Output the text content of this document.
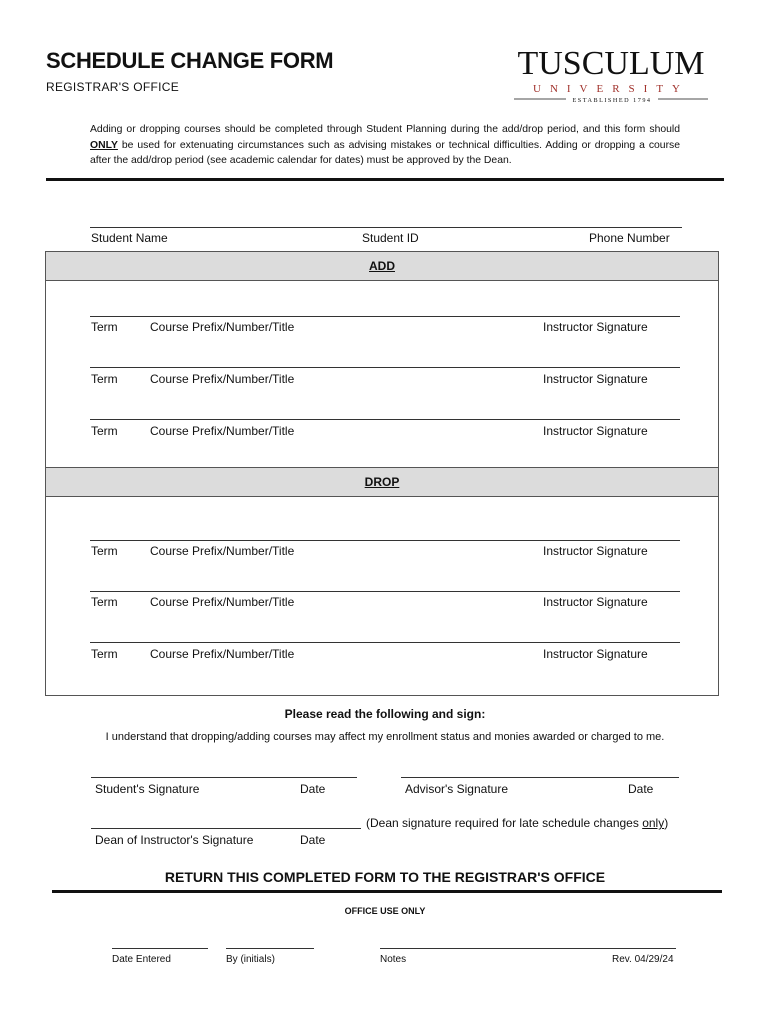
SCHEDULE CHANGE FORM
REGISTRAR'S OFFICE
TUSCULUM
UNIVERSITY
ESTABLISHED 1794
Adding or dropping courses should be completed through Student Planning during the add/drop period, and this form should ONLY be used for extenuating circumstances such as advising mistakes or technical difficulties. Adding or dropping a course after the add/drop period (see academic calendar for dates) must be approved by the Dean.
Student Name	Student ID	Phone Number
ADD
Term	Course Prefix/Number/Title	Instructor Signature
Term	Course Prefix/Number/Title	Instructor Signature
Term	Course Prefix/Number/Title	Instructor Signature
DROP
Term	Course Prefix/Number/Title	Instructor Signature
Term	Course Prefix/Number/Title	Instructor Signature
Term	Course Prefix/Number/Title	Instructor Signature
Please read the following and sign:
I understand that dropping/adding courses may affect my enrollment status and monies awarded or charged to me.
Student's Signature	Date	Advisor's Signature	Date
(Dean signature required for late schedule changes only)
Dean of Instructor's Signature	Date
RETURN THIS COMPLETED FORM TO THE REGISTRAR'S OFFICE
OFFICE USE ONLY
Date Entered	By (initials)	Notes	Rev. 04/29/24
